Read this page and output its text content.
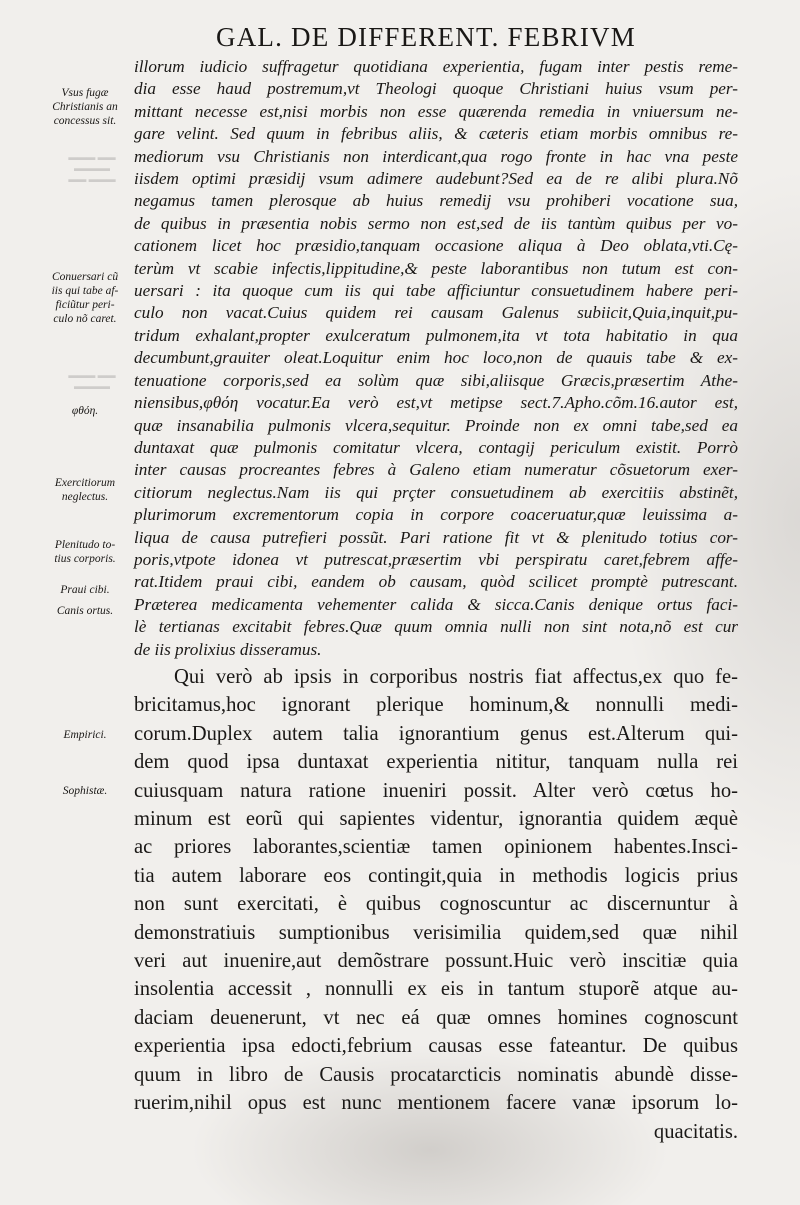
GAL. DE DIFFERENT. FEBRIVM
▬▬▬ ▬▬
▬▬▬▬
▬▬ ▬▬▬
▬▬▬ ▬▬
▬▬▬▬
Vsus fugæ
Christianis an
concessus sit.
Conuersari cũ
iis qui tabe af-
ficiũtur peri-
culo nõ caret.
φθόη.
Exercitiorum
neglectus.
Plenitudo to-
tius corporis.
Praui cibi.
Canis ortus.
Empirici.
Sophistæ.
illorum iudicio suffragetur quotidiana experientia, fugam inter pestis reme-
dia esse haud postremum,vt Theologi quoque Christiani huius vsum per-
mittant necesse est,nisi morbis non esse quærenda remedia in vniuersum ne-
gare velint. Sed quum in febribus aliis, & cæteris etiam morbis omnibus re-
mediorum vsu Christianis non interdicant,qua rogo fronte in hac vna peste
iisdem optimi præsidij vsum adimere audebunt?Sed ea de re alibi plura.Nõ
negamus tamen plerosque ab huius remedij vsu prohiberi vocatione sua,
de quibus in præsentia nobis sermo non est,sed de iis tantùm quibus per vo-
cationem licet hoc præsidio,tanquam occasione aliqua à Deo oblata,vti.Cę-
terùm vt scabie infectis,lippitudine,& peste laborantibus non tutum est con-
uersari : ita quoque cum iis qui tabe afficiuntur consuetudinem habere peri-
culo non vacat.Cuius quidem rei causam Galenus subiicit,Quia,inquit,pu-
tridum exhalant,propter exulceratum pulmonem,ita vt tota habitatio in qua
decumbunt,grauiter oleat.Loquitur enim hoc loco,non de quauis tabe & ex-
tenuatione corporis,sed ea solùm quæ sibi,aliisque Græcis,præsertim Athe-
niensibus,φθόη vocatur.Ea verò est,vt metipse sect.7.Apho.cõm.16.autor est,
quæ insanabilia pulmonis vlcera,sequitur. Proinde non ex omni tabe,sed ea
duntaxat quæ pulmonis comitatur vlcera, contagij periculum existit. Porrò
inter causas procreantes febres à Galeno etiam numeratur cõsuetorum exer-
citiorum neglectus.Nam iis qui prçter consuetudinem ab exercitiis abstinẽt,
plurimorum excrementorum copia in corpore coaceruatur,quæ leuissima a-
liqua de causa putrefieri possũt. Pari ratione fit vt & plenitudo totius cor-
poris,vtpote idonea vt putrescat,præsertim vbi perspiratu caret,febrem affe-
rat.Itidem praui cibi, eandem ob causam, quòd scilicet promptè putrescant.
Præterea medicamenta vehementer calida & sicca.Canis denique ortus faci-
lè tertianas excitabit febres.Quæ quum omnia nulli non sint nota,nõ est cur
de iis prolixius disseramus.
Qui verò ab ipsis in corporibus nostris fiat affectus,ex quo fe-
bricitamus,hoc ignorant plerique hominum,& nonnulli medi-
corum.Duplex autem talia ignorantium genus est.Alterum qui-
dem quod ipsa duntaxat experientia nititur, tanquam nulla rei
cuiusquam natura ratione inueniri possit. Alter verò cœtus ho-
minum est eorũ qui sapientes videntur, ignorantia quidem æquè
ac priores laborantes,scientiæ tamen opinionem habentes.Insci-
tia autem laborare eos contingit,quia in methodis logicis prius
non sunt exercitati, è quibus cognoscuntur ac discernuntur à
demonstratiuis sumptionibus verisimilia quidem,sed quæ nihil
veri aut inuenire,aut demõstrare possunt.Huic verò inscitiæ quia
insolentia accessit , nonnulli ex eis in tantum stuporẽ atque au-
daciam deuenerunt, vt nec eá quæ omnes homines cognoscunt
experientia ipsa edocti,febrium causas esse fateantur. De quibus
quum in libro de Causis procatarcticis nominatis abundè disse-
ruerim,nihil opus est nunc mentionem facere vanæ ipsorum lo-
quacitatis.
